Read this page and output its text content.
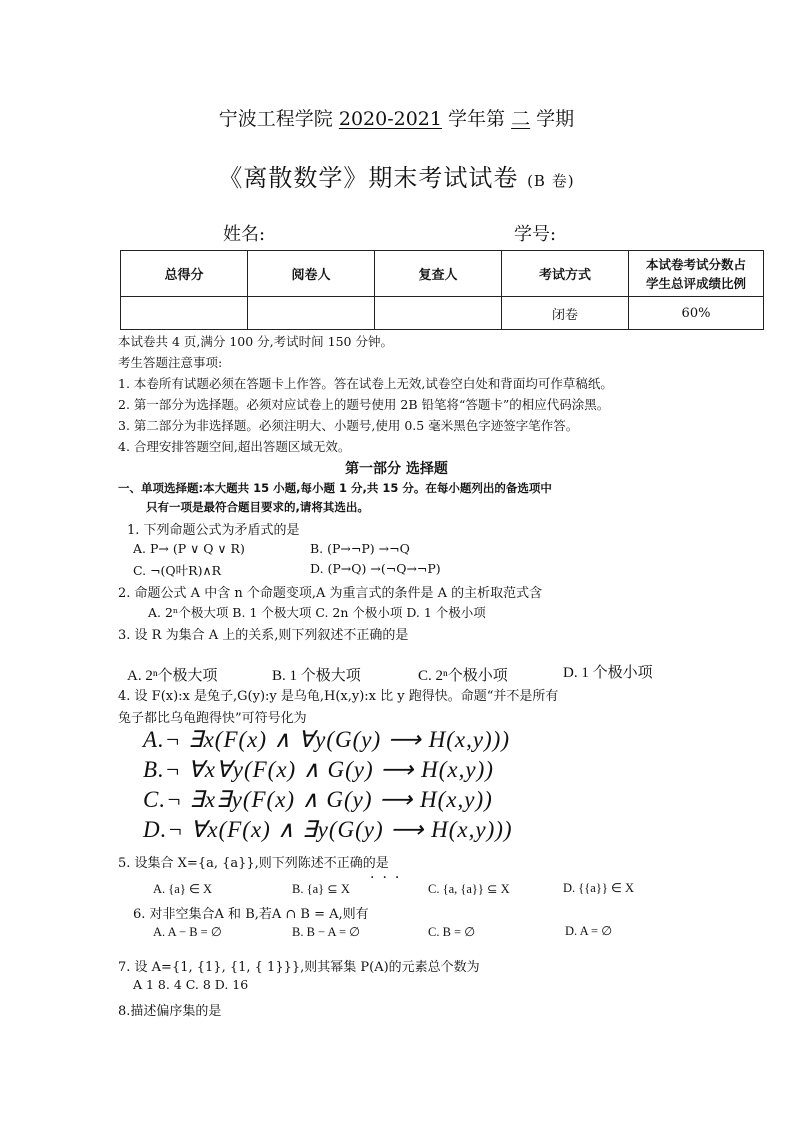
宁波工程学院 2020-2021 学年第 二 学期
《离散数学》期末考试试卷 (B 卷)
姓名:	学号:
总得分	阅卷人	复查人	考试方式	本试卷考试分数占
学生总评成绩比例
			闭卷	60%
本试卷共 4 页,满分 100 分,考试时间 150 分钟。
考生答题注意事项:
1. 本卷所有试题必须在答题卡上作答。答在试卷上无效,试卷空白处和背面均可作草稿纸。
2. 第一部分为选择题。必须对应试卷上的题号使用 2B 铅笔将“答题卡”的相应代码涂黑。
3. 第二部分为非选择题。必须注明大、小题号,使用 0.5 毫米黑色字迹签字笔作答。
4. 合理安排答题空间,超出答题区域无效。
第一部分 选择题
一、单项选择题:本大题共 15 小题,每小题 1 分,共 15 分。在每小题列出的备选项中
只有一项是最符合题目要求的,请将其选出。
1. 下列命题公式为矛盾式的是
A. P→ (P ∨ Q ∨ R)	B. (P→¬P) →¬Q
C. ¬(Q叶R)∧R	D. (P→Q) →(¬Q→¬P)
2. 命题公式 A 中含 n 个命题变项,A 为重言式的条件是 A 的主析取范式含
A. 2ⁿ个极大项 B. 1 个极大项 C. 2n 个极小项 D. 1 个极小项
3. 设 R 为集合 A 上的关系,则下列叙述不正确的是
A. 2ⁿ个极大项	B. 1 个极大项	C. 2ⁿ个极小项	D. 1 个极小项
4. 设 F(x):x 是兔子,G(y):y 是乌龟,H(x,y):x 比 y 跑得快。命题“并不是所有
兔子都比乌龟跑得快”可符号化为
A.¬ ∃x(F(x) ∧ ∀y(G(y) ⟶ H(x,y)))
B.¬ ∀x∀y(F(x) ∧ G(y) ⟶ H(x,y))
C.¬ ∃x∃y(F(x) ∧ G(y) ⟶ H(x,y))
D.¬ ∀x(F(x) ∧ ∃y(G(y) ⟶ H(x,y)))
5. 设集合 X={a, {a}},则下列陈述不正确的是
···
A. {a} ∈ X	B. {a} ⊆ X	C. {a, {a}} ⊆ X	D. {{a}} ∈ X
6. 对非空集合A 和 B,若A ∩ B = A,则有
A. A − B = ∅	B. B − A = ∅	C. B = ∅	D. A = ∅
7. 设 A={1, {1}, {1, { 1}}},则其幂集 P(A)的元素总个数为
A 1 8. 4 C. 8 D. 16
8.描述偏序集的是
